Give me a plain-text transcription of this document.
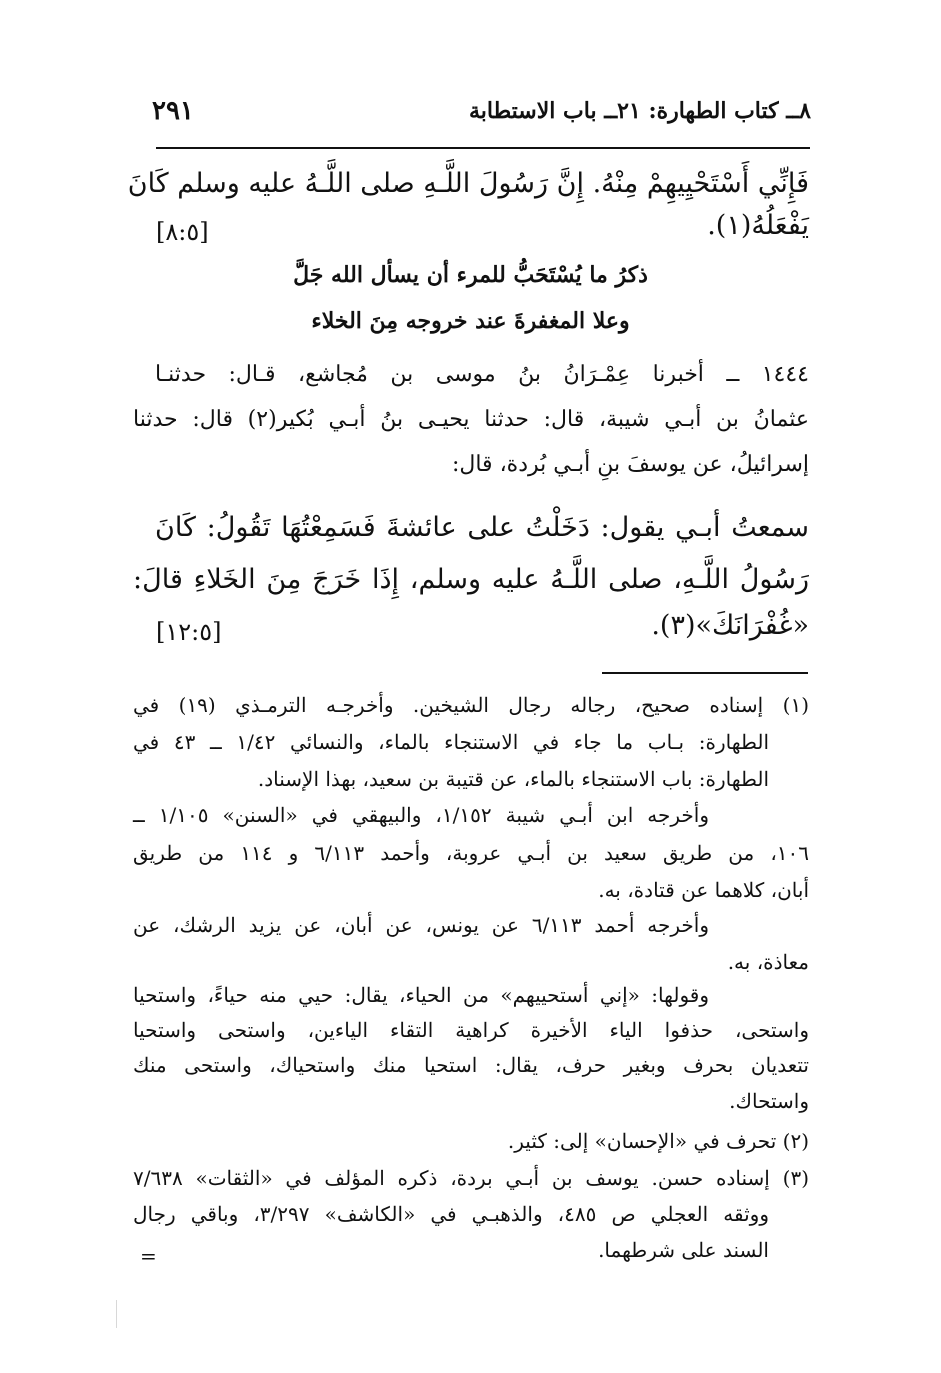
٨ــ كتاب الطهارة: ٢١ــ باب الاستطابة
٢٩١
فَإِنِّي أَسْتَحْيِيهِمْ مِنْهُ. إِنَّ رَسُولَ اللَّـهِ صلى اللَّـهُ عليه وسلم كَانَ
يَفْعَلُهُ(١).
[٨:٥]
ذكرُ ما يُسْتَحَبُّ للمرء أن يسأل الله جَلَّ
وعلا المغفرةَ عند خروجه مِنَ الخلاء
١٤٤٤ ــ أخبرنا عِمْـرَانُ بنُ موسى بن مُجاشع، قـال: حدثنـا
عثمانُ بن أبـي شيبة، قال: حدثنا يحيـى بنُ أبـي بُكير(٢) قال: حدثنا
إسرائيلُ، عن يوسفَ بنِ أبـي بُردة، قال:
سمعتُ أبـي يقول: دَخَلْتُ على عائشةَ فَسَمِعْتُهَا تَقُولُ: كَانَ
رَسُولُ اللَّـهِ، صلى اللَّـهُ عليه وسلم، إِذَا خَرَجَ مِنَ الخَلاءِ قالَ:
«غُفْرَانَكَ»(٣).
[١٢:٥]
(١) إسناده صحيح، رجاله رجال الشيخين. وأخرجـه الترمـذي (١٩) في
الطهارة: بـاب ما جاء في الاستنجاء بالماء، والنسائي ١/٤٢ ــ ٤٣ في
الطهارة: باب الاستنجاء بالماء، عن قتيبة بن سعيد، بهذا الإسناد.
وأخرجه ابن أبـي شيبة ١/١٥٢، والبيهقي في «السنن» ١/١٠٥ ــ
١٠٦، من طريق سعيد بن أبـي عروبة، وأحمد ٦/١١٣ و ١١٤ من طريق
أبان، كلاهما عن قتادة، به.
وأخرجه أحمد ٦/١١٣ عن يونس، عن أبان، عن يزيد الرشك، عن
معاذة، به.
وقولها: «إني أستحييهم» من الحياء، يقال: حيي منه حياءً، واستحيا
واستحى، حذفوا الياء الأخيرة كراهية التقاء الياءين، واستحى واستحيا
تتعديان بحرف وبغير حرف، يقال: استحيا منك واستحياك، واستحى منك
واستحاك.
(٢) تحرف في «الإحسان» إلى: كثير.
(٣) إسناده حسن. يوسف بن أبـي بردة، ذكره المؤلف في «الثقات» ٧/٦٣٨
ووثقه العجلي ص ٤٨٥، والذهبـي في «الكاشف» ٣/٢٩٧، وباقي رجال
السند على شرطهما.
=
